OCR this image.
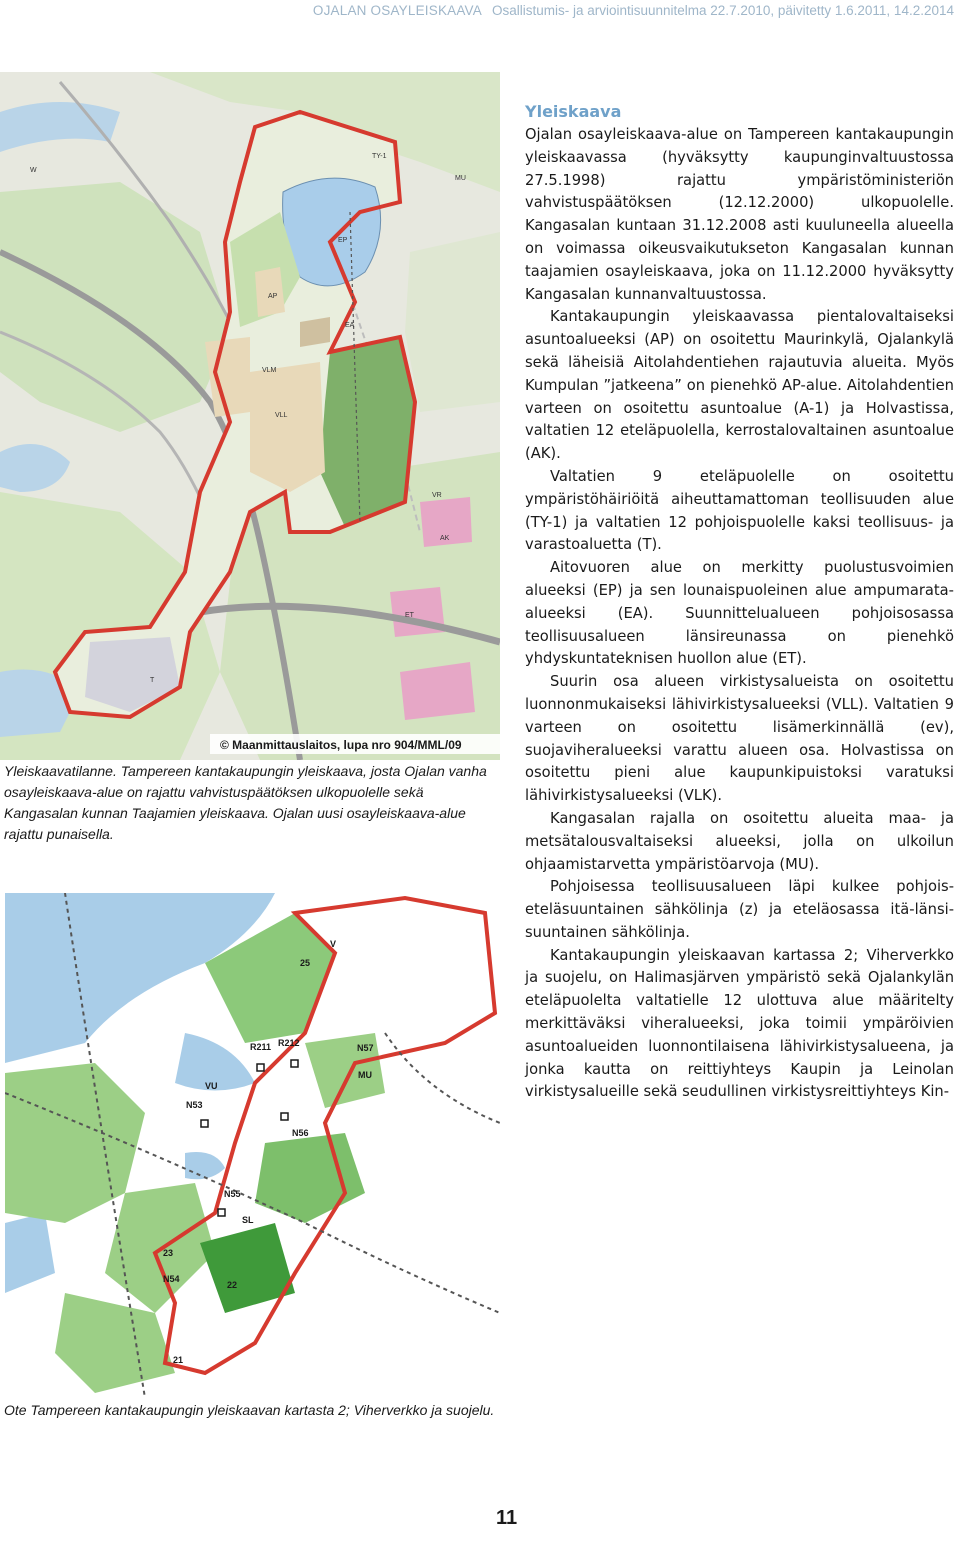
OJALAN OSAYLEISKAAVA Osallistumis- ja arviointisuunnitelma 22.7.2010, päivitetty 1.6.2011, 14.2.2014
TY-1
EP
EA
AP
VLM
VLL
VR
T
MU
AK
ET
W
© Maanmittauslaitos, lupa nro 904/MML/09
Yleiskaavatilanne. Tampereen kantakaupungin yleiskaava, josta Ojalan vanha osayleiskaava-alue on rajattu vahvistuspäätöksen ulkopuolelle sekä Kangasalan kunnan Taajamien yleiskaava. Ojalan uusi osayleiskaava-alue rajattu punaisella.
25
R211 R212	N57
MU
N53
N56
N55
SL
23
N54
22
21
VU
V
Ote Tampereen kantakaupungin yleiskaavan kartasta 2; Viherverkko ja suojelu.
Yleiskaava

Ojalan osayleiskaava-alue on Tampereen kantakaupungin yleiskaavassa (hyväksytty kaupunginvaltuustossa 27.5.1998) rajattu ympäristöministeriön vahvistuspäätöksen (12.12.2000) ulkopuolelle. Kangasalan kuntaan 31.12.2008 asti kuuluneella alueella on voimassa oikeusvaikutukseton Kangasalan kunnan taajamien osayleiskaava, joka on 11.12.2000 hyväksytty Kangasalan kunnanvaltuustossa.

Kantakaupungin yleiskaavassa pientalovaltaiseksi asuntoalueeksi (AP) on osoitettu Maurinkylä, Ojalankylä sekä läheisiä Aitolahdentiehen rajautuvia alueita. Myös Kumpulan ”jatkeena” on pienehkö AP-alue. Aitolahdentien varteen on osoitettu asuntoalue (A-1) ja Holvastissa, valtatien 12 eteläpuolella, kerrostalovaltainen asuntoalue (AK).

Valtatien 9 eteläpuolelle on osoitettu ympäristöhäiriöitä aiheuttamattoman teollisuuden alue (TY-1) ja valtatien 12 pohjoispuolelle kaksi teollisuus- ja varastoaluetta (T).

Aitovuoren alue on merkitty puolustusvoimien alueeksi (EP) ja sen lounaispuoleinen alue ampumarata-alueeksi (EA). Suunnittelualueen pohjoisosassa teollisuusalueen länsireunassa on pienehkö yhdyskuntateknisen huollon alue (ET).

Suurin osa alueen virkistysalueista on osoitettu luonnonmukaiseksi lähivirkistysalueeksi (VLL). Valtatien 9 varteen on osoitettu lisämerkinnällä (ev), suojaviheralueeksi varattu alueen osa. Holvastissa on osoitettu pieni alue kaupunkipuistoksi varatuksi lähivirkistysalueeksi (VLK).

Kangasalan rajalla on osoitettu alueita maa- ja metsätalousvaltaiseksi alueeksi, jolla on ulkoilun ohjaamistarvetta ympäristöarvoja (MU).

Pohjoisessa teollisuusalueen läpi kulkee pohjois-eteläsuuntainen sähkölinja (z) ja eteläosassa itä-länsi-suuntainen sähkölinja.

Kantakaupungin yleiskaavan kartassa 2; Viherverkko ja suojelu, on Halimasjärven ympäristö sekä Ojalankylän eteläpuolelta valtatielle 12 ulottuva alue määritelty merkittäväksi viheralueeksi, joka toimii ympäröivien asuntoalueiden luonnontilaisena lähivirkistysalueena, ja jonka kautta on reittiyhteys Kaupin ja Leinolan virkistysalueille sekä seudullinen virkistysreittiyhteys Kin-

11
